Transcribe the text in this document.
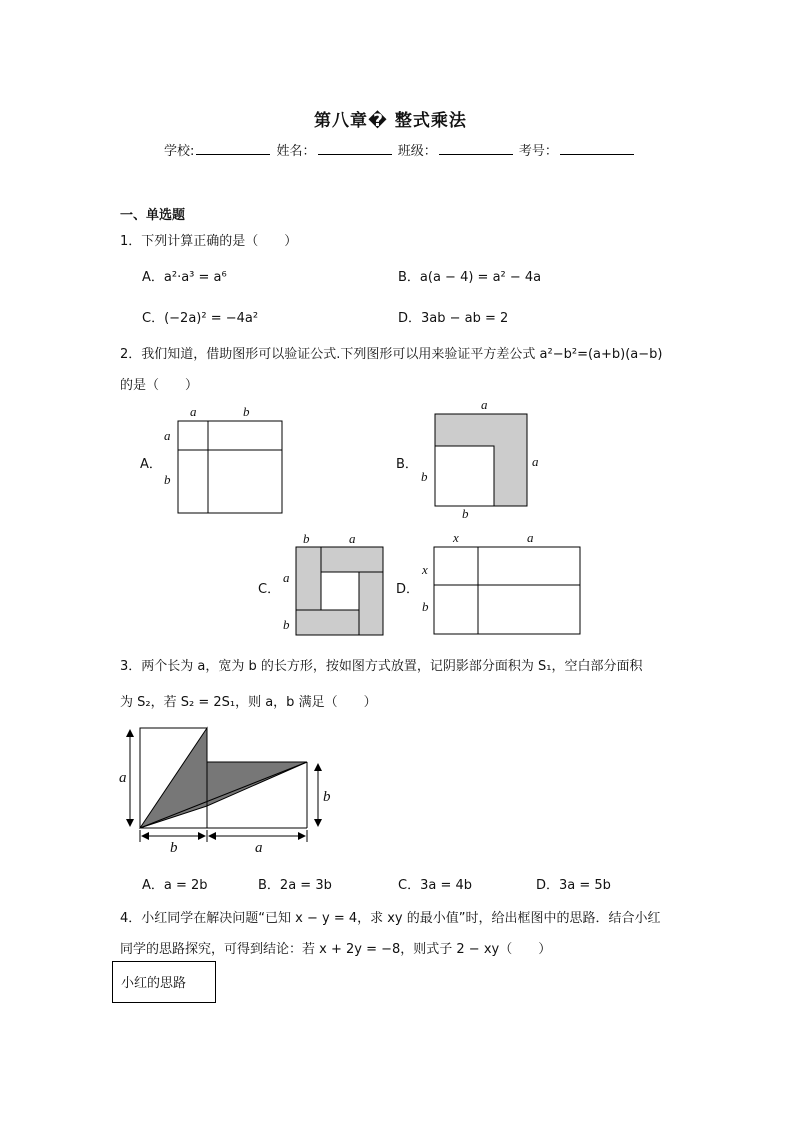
第八章� 整式乘法
学校:	姓名：	班级：	考号：
一、单选题
1．下列计算正确的是（　　）
A．a²·a³ = a⁶	B．a(a − 4) = a² − 4a
C．(−2a)² = −4a²	D．3ab − ab = 2
2．我们知道，借助图形可以验证公式.下列图形可以用来验证平方差公式 a²−b²=(a+b)(a−b)
的是（　　）
A．
a	b
a
b
B．
a
a
b
b
C．
b	a
a
b
D．
x	a
x
b
3．两个长为 a，宽为 b 的长方形，按如图方式放置，记阴影部分面积为 S₁，空白部分面积
为 S₂，若 S₂ = 2S₁，则 a，b 满足（　　）
a
b
b	a
A．a = 2b	B．2a = 3b	C．3a = 4b	D．3a = 5b
4．小红同学在解决问题“已知 x − y = 4，求 xy 的最小值”时，给出框图中的思路．结合小红
同学的思路探究，可得到结论：若 x + 2y = −8，则式子 2 − xy（　　）
小红的思路
